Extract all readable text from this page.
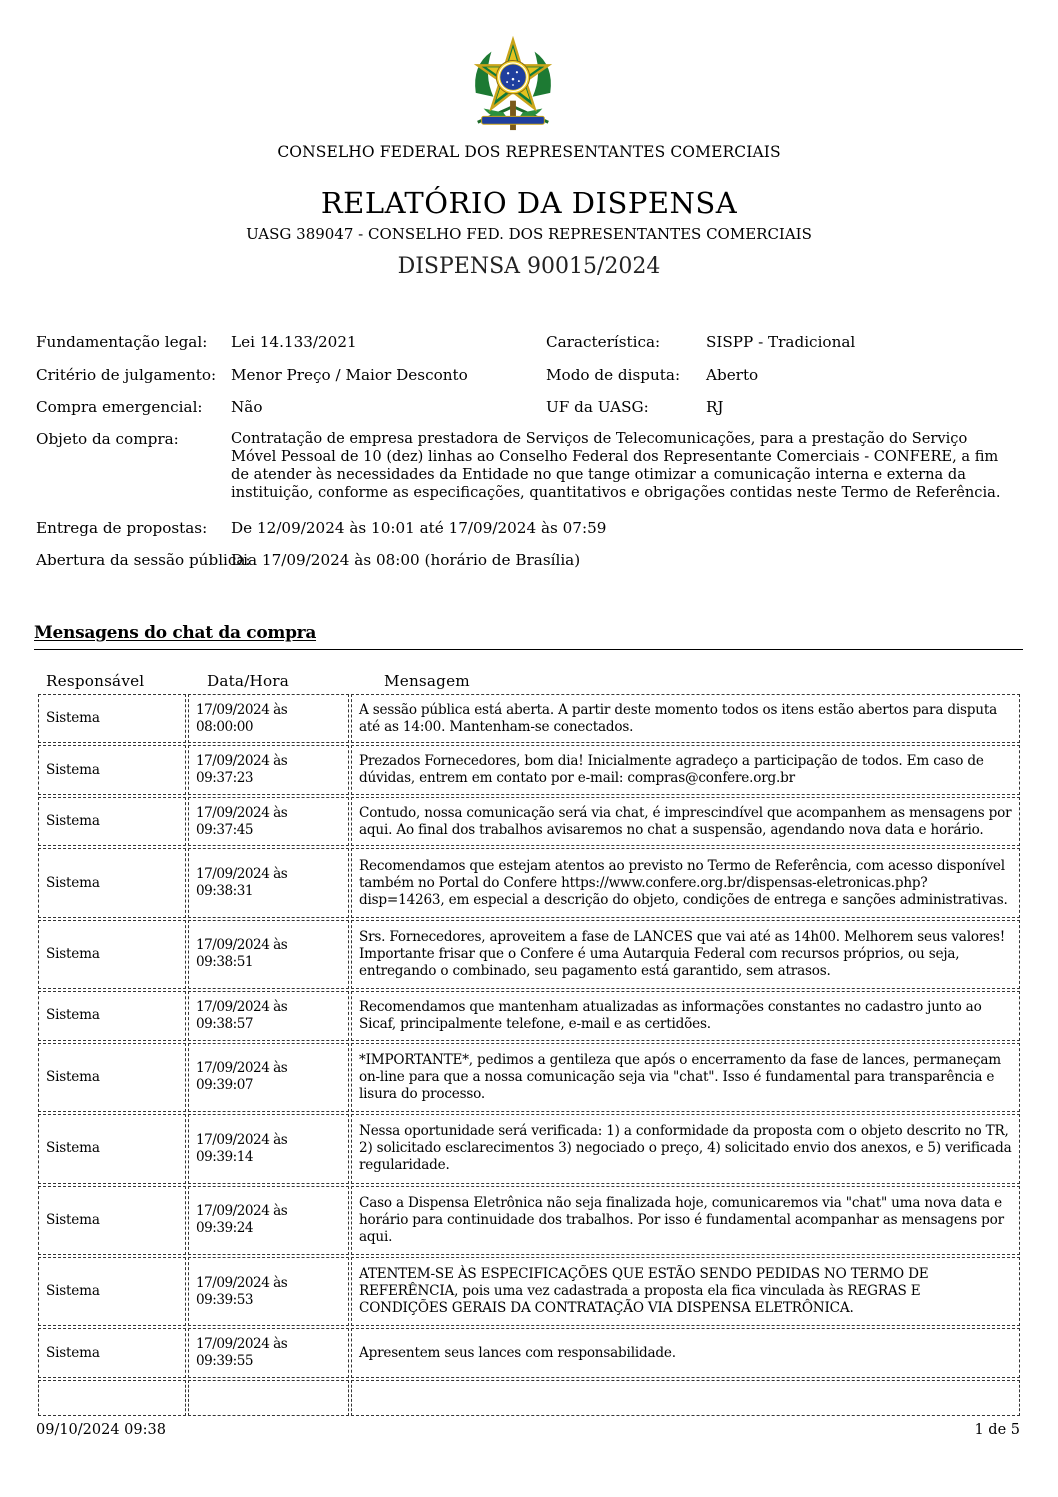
CONSELHO FEDERAL DOS REPRESENTANTES COMERCIAIS
RELATÓRIO DA DISPENSA
UASG 389047 - CONSELHO FED. DOS REPRESENTANTES COMERCIAIS
DISPENSA 90015/2024
Fundamentação legal: Lei 14.133/2021	Característica:	SISPP - Tradicional
Critério de julgamento: Menor Preço / Maior Desconto	Modo de disputa: Aberto
Compra emergencial: Não	UF da UASG:	RJ
Objeto da compra:	Contratação de empresa prestadora de Serviços de Telecomunicações, para a prestação do Serviço Móvel Pessoal de 10 (dez) linhas ao Conselho Federal dos Representante Comerciais - CONFERE, a fim de atender às necessidades da Entidade no que tange otimizar a comunicação interna e externa da instituição, conforme as especificações, quantitativos e obrigações contidas neste Termo de Referência.
Entrega de propostas: De 12/09/2024 às 10:01 até 17/09/2024 às 07:59
Abertura da sessão pública:
Dia 17/09/2024 às 08:00 (horário de Brasília)
Mensagens do chat da compra
Responsável	Data/Hora	Mensagem
Sistema	17/09/2024 às 08:00:00	A sessão pública está aberta. A partir deste momento todos os itens estão abertos para disputa até as 14:00. Mantenham-se conectados.
Sistema	17/09/2024 às 09:37:23	Prezados Fornecedores, bom dia! Inicialmente agradeço a participação de todos. Em caso de dúvidas, entrem em contato por e-mail: compras@confere.org.br
Sistema	17/09/2024 às 09:37:45	Contudo, nossa comunicação será via chat, é imprescindível que acompanhem as mensagens por aqui. Ao final dos trabalhos avisaremos no chat a suspensão, agendando nova data e horário.
Sistema	17/09/2024 às 09:38:31	Recomendamos que estejam atentos ao previsto no Termo de Referência, com acesso disponível também no Portal do Confere https://www.confere.org.br/dispensas-eletronicas.php?disp=14263, em especial a descrição do objeto, condições de entrega e sanções administrativas.
Sistema	17/09/2024 às 09:38:51	Srs. Fornecedores, aproveitem a fase de LANCES que vai até as 14h00. Melhorem seus valores! Importante frisar que o Confere é uma Autarquia Federal com recursos próprios, ou seja, entregando o combinado, seu pagamento está garantido, sem atrasos.
Sistema	17/09/2024 às 09:38:57	Recomendamos que mantenham atualizadas as informações constantes no cadastro junto ao Sicaf, principalmente telefone, e-mail e as certidões.
Sistema	17/09/2024 às 09:39:07	*IMPORTANTE*, pedimos a gentileza que após o encerramento da fase de lances, permaneçam on-line para que a nossa comunicação seja via "chat". Isso é fundamental para transparência e lisura do processo.
Sistema	17/09/2024 às 09:39:14	Nessa oportunidade será verificada: 1) a conformidade da proposta com o objeto descrito no TR, 2) solicitado esclarecimentos 3) negociado o preço, 4) solicitado envio dos anexos, e 5) verificada regularidade.
Sistema	17/09/2024 às 09:39:24	Caso a Dispensa Eletrônica não seja finalizada hoje, comunicaremos via "chat" uma nova data e horário para continuidade dos trabalhos. Por isso é fundamental acompanhar as mensagens por aqui.
Sistema	17/09/2024 às 09:39:53	ATENTEM-SE ÀS ESPECIFICAÇÕES QUE ESTÃO SENDO PEDIDAS NO TERMO DE REFERÊNCIA, pois uma vez cadastrada a proposta ela fica vinculada às REGRAS E CONDIÇÕES GERAIS DA CONTRATAÇÃO VIA DISPENSA ELETRÔNICA.
Sistema	17/09/2024 às 09:39:55	Apresentem seus lances com responsabilidade.

09/10/2024 09:38	1 de 5
